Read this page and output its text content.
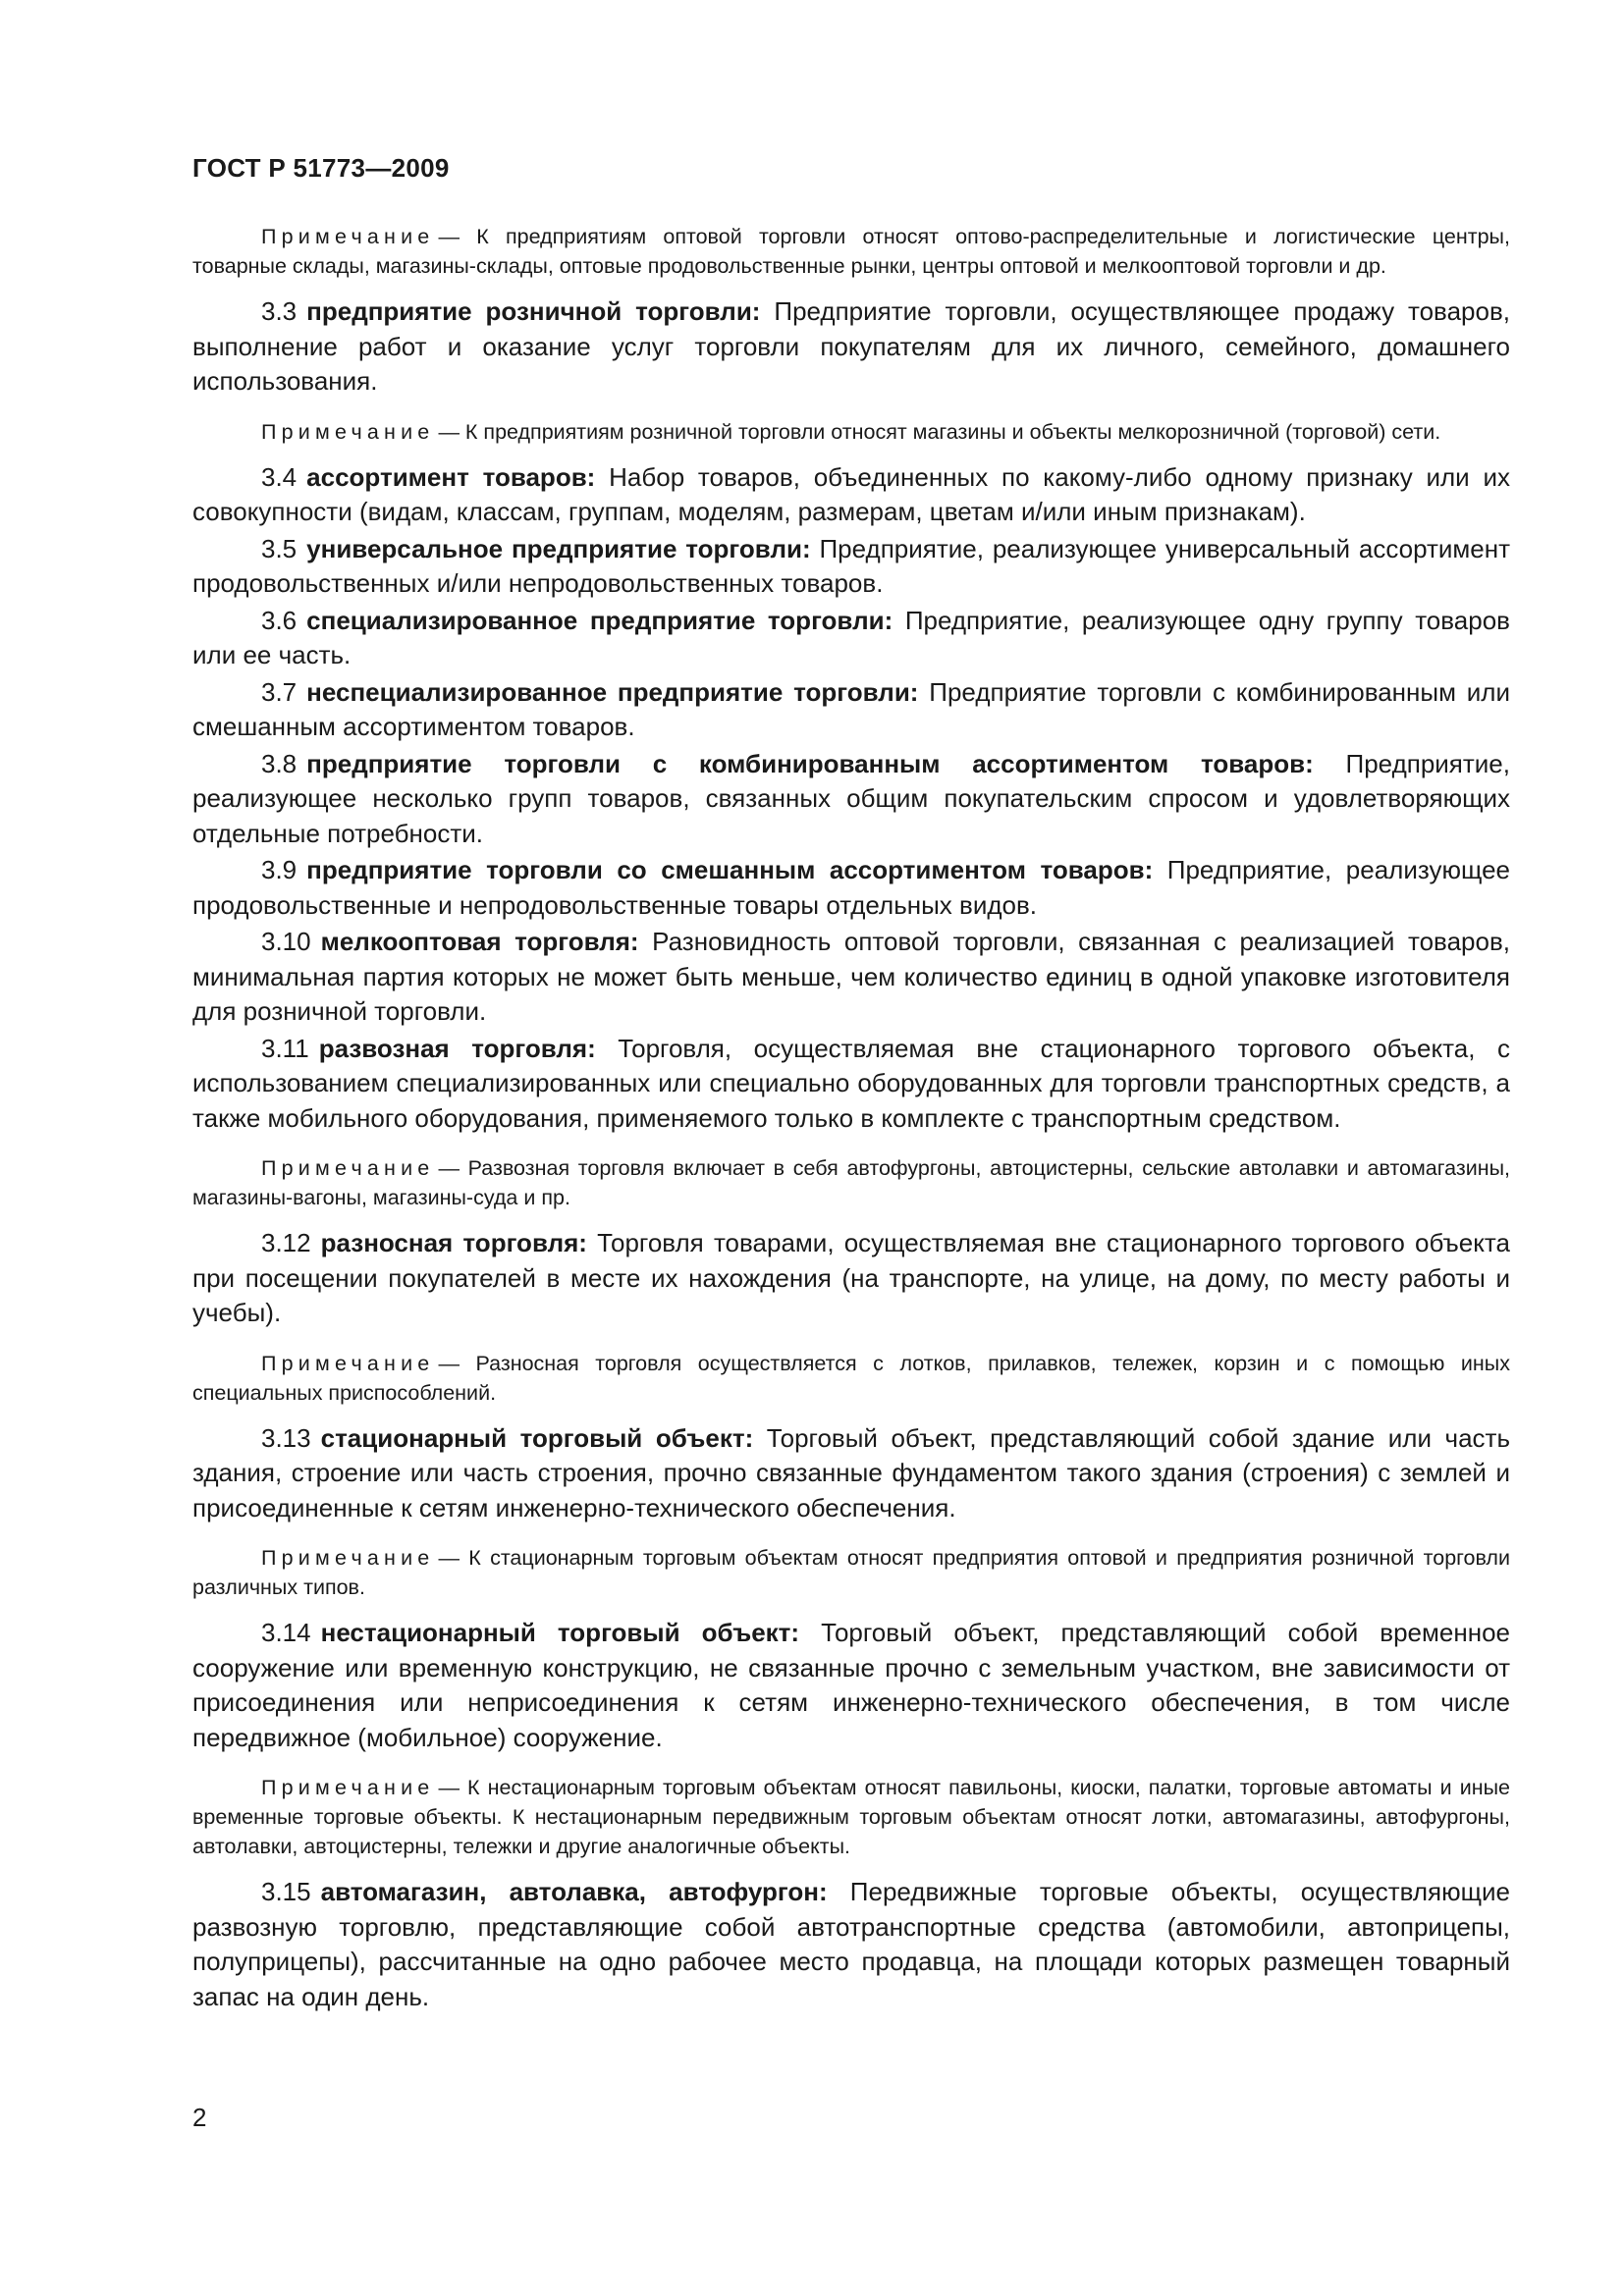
ГОСТ Р 51773—2009

Примечание — К предприятиям оптовой торговли относят оптово-распределительные и логистические центры, товарные склады, магазины-склады, оптовые продовольственные рынки, центры оптовой и мелкооптовой торговли и др.

3.3 предприятие розничной торговли: Предприятие торговли, осуществляющее продажу товаров, выполнение работ и оказание услуг торговли покупателям для их личного, семейного, домашнего использования.

Примечание — К предприятиям розничной торговли относят магазины и объекты мелкорозничной (торговой) сети.

3.4 ассортимент товаров: Набор товаров, объединенных по какому-либо одному признаку или их совокупности (видам, классам, группам, моделям, размерам, цветам и/или иным признакам).

3.5 универсальное предприятие торговли: Предприятие, реализующее универсальный ассортимент продовольственных и/или непродовольственных товаров.

3.6 специализированное предприятие торговли: Предприятие, реализующее одну группу товаров или ее часть.

3.7 неспециализированное предприятие торговли: Предприятие торговли с комбинированным или смешанным ассортиментом товаров.

3.8 предприятие торговли с комбинированным ассортиментом товаров: Предприятие, реализующее несколько групп товаров, связанных общим покупательским спросом и удовлетворяющих отдельные потребности.

3.9 предприятие торговли со смешанным ассортиментом товаров: Предприятие, реализующее продовольственные и непродовольственные товары отдельных видов.

3.10 мелкооптовая торговля: Разновидность оптовой торговли, связанная с реализацией товаров, минимальная партия которых не может быть меньше, чем количество единиц в одной упаковке изготовителя для розничной торговли.

3.11 развозная торговля: Торговля, осуществляемая вне стационарного торгового объекта, с использованием специализированных или специально оборудованных для торговли транспортных средств, а также мобильного оборудования, применяемого только в комплекте с транспортным средством.

Примечание — Развозная торговля включает в себя автофургоны, автоцистерны, сельские автолавки и автомагазины, магазины-вагоны, магазины-суда и пр.

3.12 разносная торговля: Торговля товарами, осуществляемая вне стационарного торгового объекта при посещении покупателей в месте их нахождения (на транспорте, на улице, на дому, по месту работы и учебы).

Примечание — Разносная торговля осуществляется с лотков, прилавков, тележек, корзин и с помощью иных специальных приспособлений.

3.13 стационарный торговый объект: Торговый объект, представляющий собой здание или часть здания, строение или часть строения, прочно связанные фундаментом такого здания (строения) с землей и присоединенные к сетям инженерно-технического обеспечения.

Примечание — К стационарным торговым объектам относят предприятия оптовой и предприятия розничной торговли различных типов.

3.14 нестационарный торговый объект: Торговый объект, представляющий собой временное сооружение или временную конструкцию, не связанные прочно с земельным участком, вне зависимости от присоединения или неприсоединения к сетям инженерно-технического обеспечения, в том числе передвижное (мобильное) сооружение.

Примечание — К нестационарным торговым объектам относят павильоны, киоски, палатки, торговые автоматы и иные временные торговые объекты. К нестационарным передвижным торговым объектам относят лотки, автомагазины, автофургоны, автолавки, автоцистерны, тележки и другие аналогичные объекты.

3.15 автомагазин, автолавка, автофургон: Передвижные торговые объекты, осуществляющие развозную торговлю, представляющие собой автотранспортные средства (автомобили, автоприцепы, полуприцепы), рассчитанные на одно рабочее место продавца, на площади которых размещен товарный запас на один день.

2
